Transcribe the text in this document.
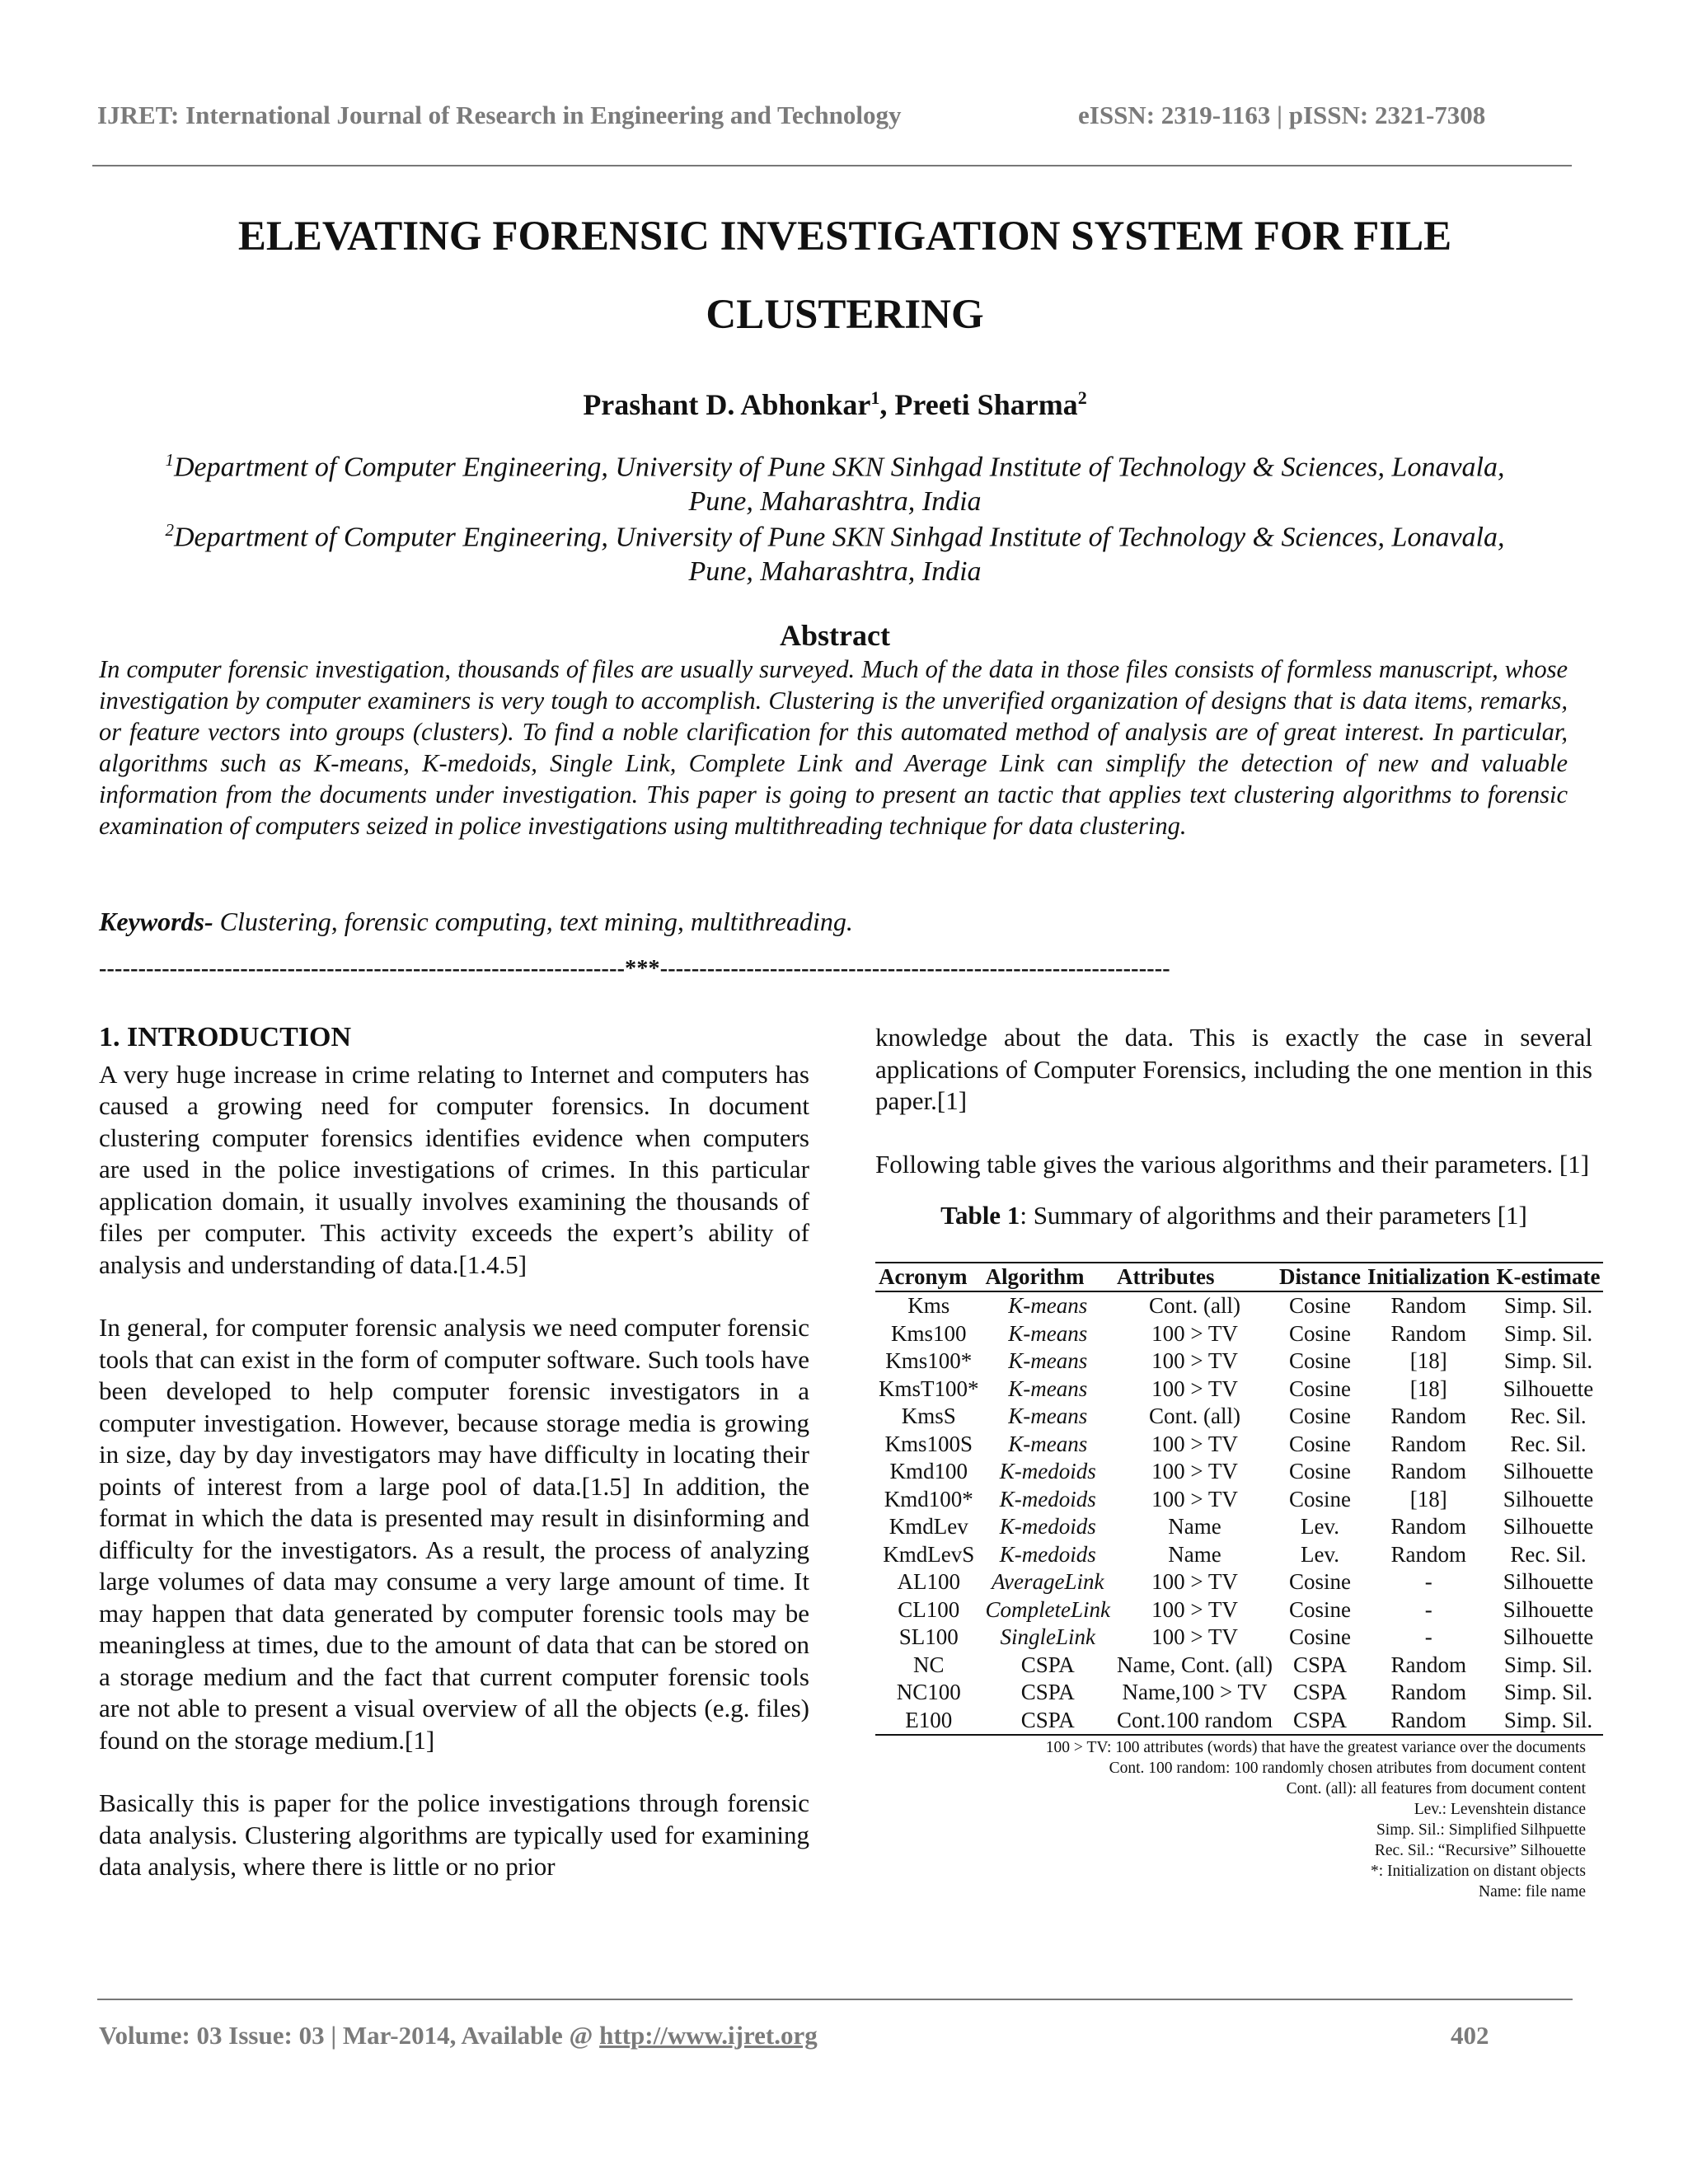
IJRET: International Journal of Research in Engineering and Technology	eISSN: 2319-1163 | pISSN: 2321-7308
ELEVATING FORENSIC INVESTIGATION SYSTEM FOR FILE CLUSTERING
Prashant D. Abhonkar$^1$, Preeti Sharma$^2$
$^1$Department of Computer Engineering, University of Pune SKN Sinhgad Institute of Technology & Sciences, Lonavala,
Pune, Maharashtra, India
$^2$Department of Computer Engineering, University of Pune SKN Sinhgad Institute of Technology & Sciences, Lonavala,
Pune, Maharashtra, India
Abstract

In computer forensic investigation, thousands of files are usually surveyed. Much of the data in those files consists of formless manuscript, whose investigation by computer examiners is very tough to accomplish. Clustering is the unverified organization of designs that is data items, remarks, or feature vectors into groups (clusters). To find a noble clarification for this automated method of analysis are of great interest. In particular, algorithms such as K-means, K-medoids, Single Link, Complete Link and Average Link can simplify the detection of new and valuable information from the documents under investigation. This paper is going to present an tactic that applies text clustering algorithms to forensic examination of computers seized in police investigations using multithreading technique for data clustering.

Keywords- Clustering, forensic computing, text mining, multithreading.

-------------------------------------------------------------------***-----------------------------------------------------------------
1. INTRODUCTION

A very huge increase in crime relating to Internet and computers has caused a growing need for computer forensics. In document clustering computer forensics identifies evidence when computers are used in the police investigations of crimes. In this particular application domain, it usually involves examining the thousands of files per computer. This activity exceeds the expert’s ability of analysis and understanding of data.[1.4.5]

In general, for computer forensic analysis we need computer forensic tools that can exist in the form of computer software. Such tools have been developed to help computer forensic investigators in a computer investigation. However, because storage media is growing in size, day by day investigators may have difficulty in locating their points of interest from a large pool of data.[1.5] In addition, the format in which the data is presented may result in disinforming and difficulty for the investigators. As a result, the process of analyzing large volumes of data may consume a very large amount of time. It may happen that data generated by computer forensic tools may be meaningless at times, due to the amount of data that can be stored on a storage medium and the fact that current computer forensic tools are not able to present a visual overview of all the objects (e.g. files) found on the storage medium.[1]

Basically this is paper for the police investigations through forensic data analysis. Clustering algorithms are typically used for examining data analysis, where there is little or no prior

knowledge about the data. This is exactly the case in several applications of Computer Forensics, including the one mention in this paper.[1]

Following table gives the various algorithms and their parameters. [1]

Table 1: Summary of algorithms and their parameters [1]
Acronym	Algorithm	Attributes	Distance	Initialization	K-estimate
Kms	K-means	Cont. (all)	Cosine	Random	Simp. Sil.
Kms100	K-means	100 > TV	Cosine	Random	Simp. Sil.
Kms100*	K-means	100 > TV	Cosine	[18]	Simp. Sil.
KmsT100*	K-means	100 > TV	Cosine	[18]	Silhouette
KmsS	K-means	Cont. (all)	Cosine	Random	Rec. Sil.
Kms100S	K-means	100 > TV	Cosine	Random	Rec. Sil.
Kmd100	K-medoids	100 > TV	Cosine	Random	Silhouette
Kmd100*	K-medoids	100 > TV	Cosine	[18]	Silhouette
KmdLev	K-medoids	Name	Lev.	Random	Silhouette
KmdLevS	K-medoids	Name	Lev.	Random	Rec. Sil.
AL100	AverageLink	100 > TV	Cosine	-	Silhouette
CL100	CompleteLink	100 > TV	Cosine	-	Silhouette
SL100	SingleLink	100 > TV	Cosine	-	Silhouette
NC	CSPA	Name, Cont. (all)	CSPA	Random	Simp. Sil.
NC100	CSPA	Name,100 > TV	CSPA	Random	Simp. Sil.
E100	CSPA	Cont.100 random	CSPA	Random	Simp. Sil.
100 > TV: 100 attributes (words) that have the greatest variance over the documents
Cont. 100 random: 100 randomly chosen atributes from document content
Cont. (all): all features from document content
Lev.: Levenshtein distance
Simp. Sil.: Simplified Silhpuette
Rec. Sil.: “Recursive” Silhouette
*: Initialization on distant objects
Name: file name
Volume: 03 Issue: 03 | Mar-2014, Available @ http://www.ijret.org	402
